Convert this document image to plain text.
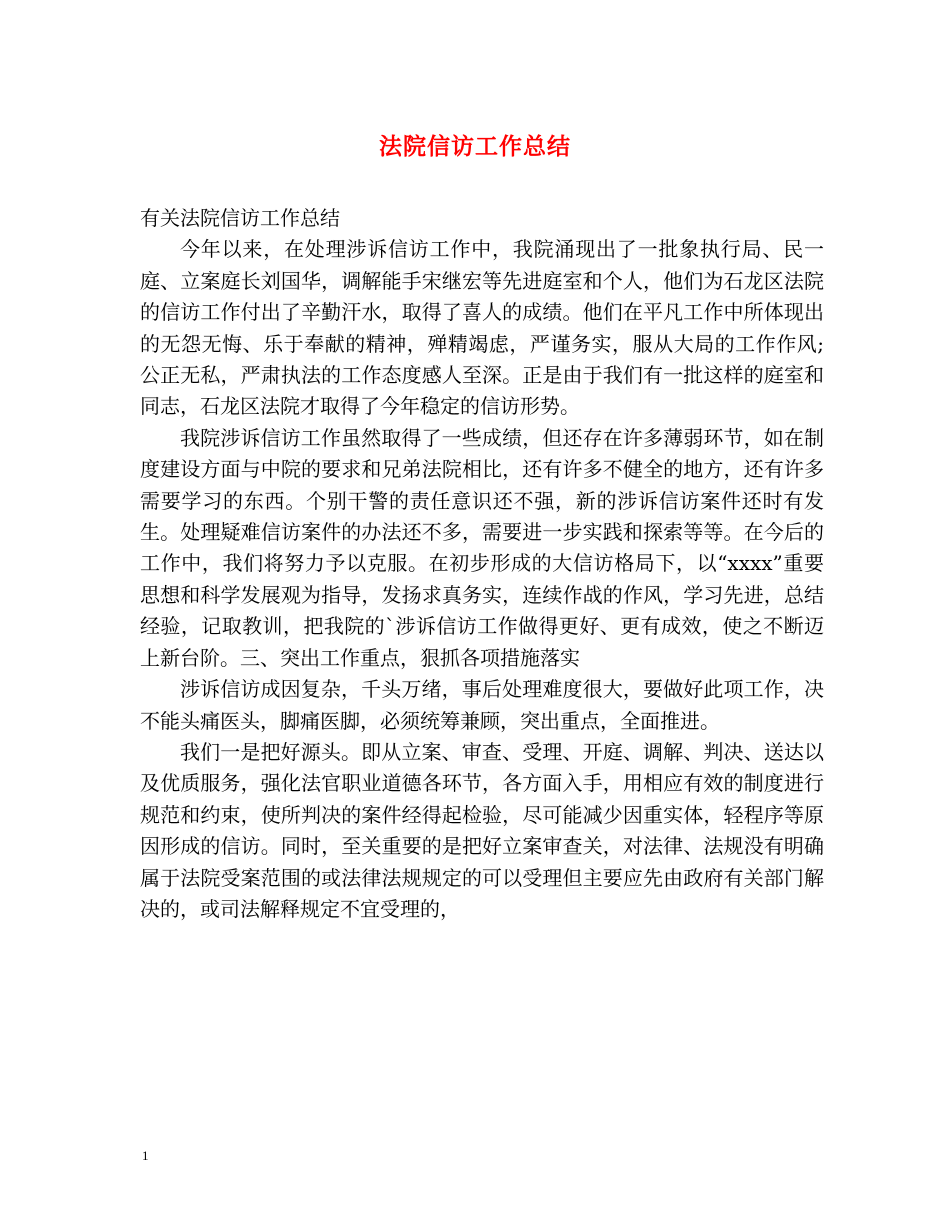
法院信访工作总结

有关法院信访工作总结

今年以来，在处理涉诉信访工作中，我院涌现出了一批象执行局、民一庭、立案庭长刘国华，调解能手宋继宏等先进庭室和个人，他们为石龙区法院的信访工作付出了辛勤汗水，取得了喜人的成绩。他们在平凡工作中所体现出的无怨无悔、乐于奉献的精神，殚精竭虑，严谨务实，服从大局的工作作风;公正无私，严肃执法的工作态度感人至深。正是由于我们有一批这样的庭室和同志，石龙区法院才取得了今年稳定的信访形势。

我院涉诉信访工作虽然取得了一些成绩，但还存在许多薄弱环节，如在制度建设方面与中院的要求和兄弟法院相比，还有许多不健全的地方，还有许多需要学习的东西。个别干警的责任意识还不强，新的涉诉信访案件还时有发生。处理疑难信访案件的办法还不多，需要进一步实践和探索等等。在今后的工作中，我们将努力予以克服。在初步形成的大信访格局下，以“xxxx”重要思想和科学发展观为指导，发扬求真务实，连续作战的作风，学习先进，总结经验，记取教训，把我院的`涉诉信访工作做得更好、更有成效，使之不断迈上新台阶。三、突出工作重点，狠抓各项措施落实

涉诉信访成因复杂，千头万绪，事后处理难度很大，要做好此项工作，决不能头痛医头，脚痛医脚，必须统筹兼顾，突出重点，全面推进。

我们一是把好源头。即从立案、审查、受理、开庭、调解、判决、送达以及优质服务，强化法官职业道德各环节，各方面入手，用相应有效的制度进行规范和约束，使所判决的案件经得起检验，尽可能减少因重实体，轻程序等原因形成的信访。同时，至关重要的是把好立案审查关，对法律、法规没有明确属于法院受案范围的或法律法规规定的可以受理但主要应先由政府有关部门解决的，或司法解释规定不宜受理的，

1
